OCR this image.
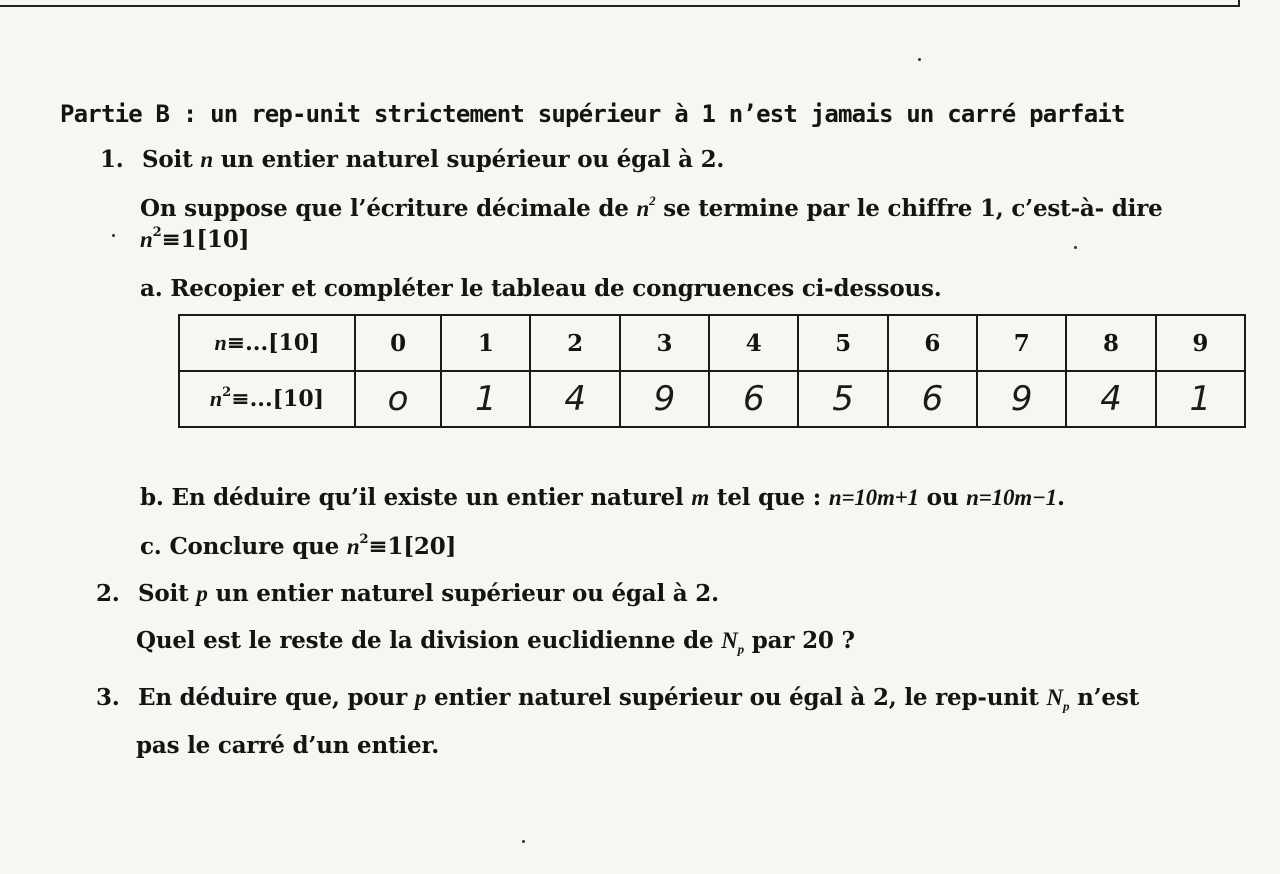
Partie B : un rep-unit strictement supérieur à 1 n’est jamais un carré parfait
1. Soit n un entier naturel supérieur ou égal à 2.
On suppose que l’écriture décimale de $n^2$ se termine par le chiffre 1, c’est-à- dire
$n^2\equiv 1[10]$
a. Recopier et compléter le tableau de congruences ci-dessous.
n≡...[10]	0	1	2	3	4	5	6	7	8	9
$n^2\equiv...[10]$	o	1	4	9	6	5	6	9	4	1
b. En déduire qu’il existe un entier naturel m tel que : n=10m+1 ou n=10m−1.
c. Conclure que $n^2\equiv 1[20]$
2. Soit p un entier naturel supérieur ou égal à 2.
Quel est le reste de la division euclidienne de $N_p$ par 20 ?
3. En déduire que, pour p entier naturel supérieur ou égal à 2, le rep-unit $N_p$ n’est
pas le carré d’un entier.
